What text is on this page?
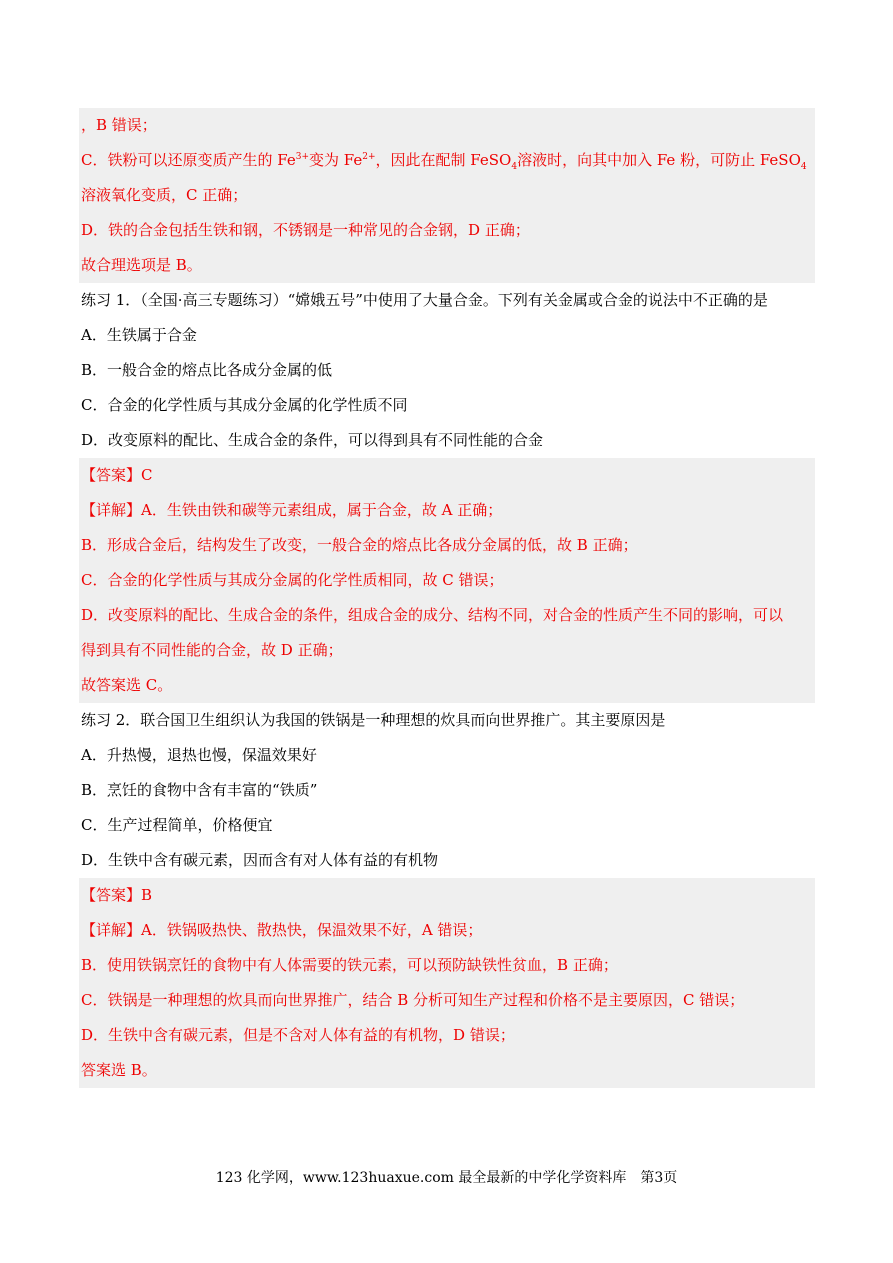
，B 错误；
C．铁粉可以还原变质产生的 $Fe^{3+}$变为 $Fe^{2+}$，因此在配制 FeSO$_4$溶液时，向其中加入 Fe 粉，可防止 FeSO$_4$
溶液氧化变质，C 正确；
D．铁的合金包括生铁和钢，不锈钢是一种常见的合金钢，D 正确；
故合理选项是 B。
练习 1．（全国·高三专题练习）“嫦娥五号”中使用了大量合金。下列有关金属或合金的说法中不正确的是
A．生铁属于合金
B．一般合金的熔点比各成分金属的低
C．合金的化学性质与其成分金属的化学性质不同
D．改变原料的配比、生成合金的条件，可以得到具有不同性能的合金
【答案】C
【详解】A．生铁由铁和碳等元素组成，属于合金，故 A 正确；
B．形成合金后，结构发生了改变，一般合金的熔点比各成分金属的低，故 B 正确；
C．合金的化学性质与其成分金属的化学性质相同，故 C 错误；
D．改变原料的配比、生成合金的条件，组成合金的成分、结构不同，对合金的性质产生不同的影响，可以
得到具有不同性能的合金，故 D 正确；
故答案选 C。
练习 2．联合国卫生组织认为我国的铁锅是一种理想的炊具而向世界推广。其主要原因是
A．升热慢，退热也慢，保温效果好
B．烹饪的食物中含有丰富的“铁质”
C．生产过程简单，价格便宜
D．生铁中含有碳元素，因而含有对人体有益的有机物
【答案】B
【详解】A．铁锅吸热快、散热快，保温效果不好，A 错误；
B．使用铁锅烹饪的食物中有人体需要的铁元素，可以预防缺铁性贫血，B 正确；
C．铁锅是一种理想的炊具而向世界推广，结合 B 分析可知生产过程和价格不是主要原因，C 错误；
D．生铁中含有碳元素，但是不含对人体有益的有机物，D 错误；
答案选 B。
123 化学网，www.123huaxue.com 最全最新的中学化学资料库 第3页
